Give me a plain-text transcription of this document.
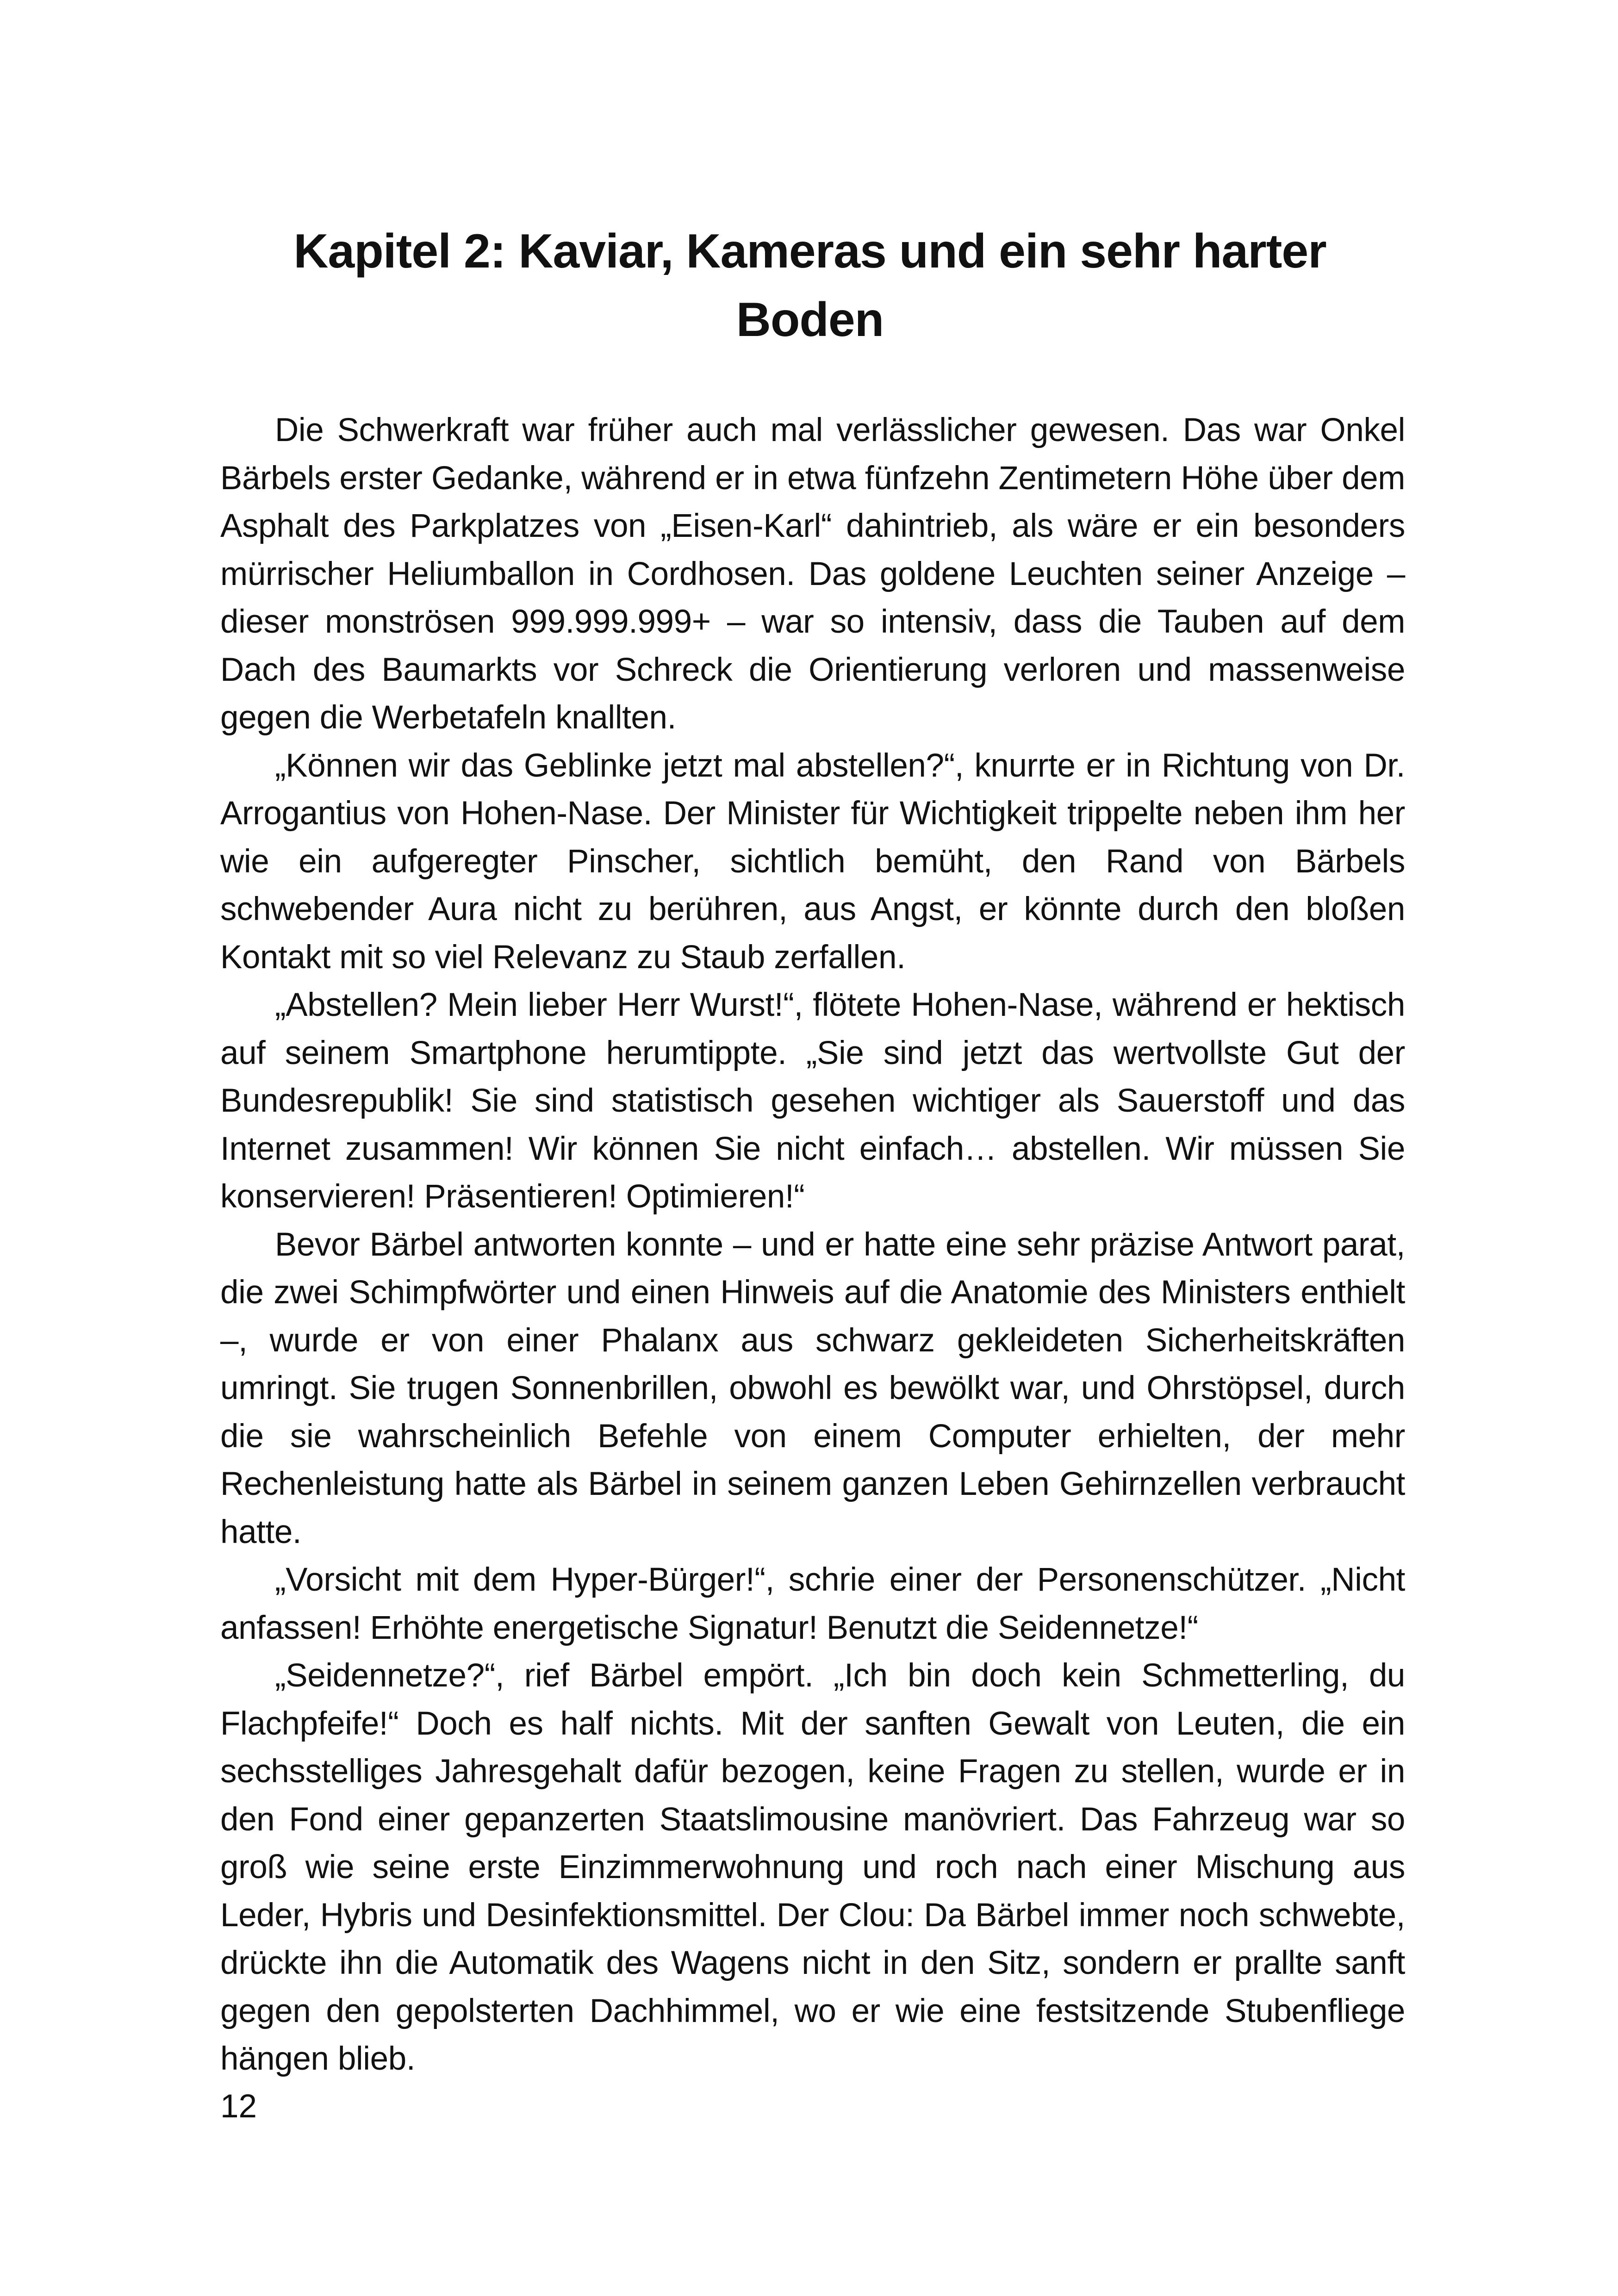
Kapitel 2: Kaviar, Kameras und ein sehr harter Boden

Die Schwerkraft war früher auch mal verlässlicher gewesen. Das war Onkel Bärbels erster Gedanke, während er in etwa fünfzehn Zentimetern Höhe über dem Asphalt des Parkplatzes von „Eisen-Karl“ dahintrieb, als wäre er ein besonders mürrischer Heliumballon in Cordhosen. Das goldene Leuchten seiner Anzeige – dieser monströsen 999.999.999+ – war so intensiv, dass die Tauben auf dem Dach des Baumarkts vor Schreck die Orientierung verloren und massenweise gegen die Werbetafeln knallten.

„Können wir das Geblinke jetzt mal abstellen?“, knurrte er in Richtung von Dr. Arrogantius von Hohen-Nase. Der Minister für Wichtigkeit trippelte neben ihm her wie ein aufgeregter Pinscher, sichtlich bemüht, den Rand von Bärbels schwebender Aura nicht zu berühren, aus Angst, er könnte durch den bloßen Kontakt mit so viel Relevanz zu Staub zerfallen.

„Abstellen? Mein lieber Herr Wurst!“, flötete Hohen-Nase, während er hektisch auf seinem Smartphone herumtippte. „Sie sind jetzt das wertvollste Gut der Bundesrepublik! Sie sind statistisch gesehen wichtiger als Sauerstoff und das Internet zusammen! Wir können Sie nicht einfach… abstellen. Wir müssen Sie konservieren! Präsentieren! Optimieren!“

Bevor Bärbel antworten konnte – und er hatte eine sehr präzise Antwort parat, die zwei Schimpfwörter und einen Hinweis auf die Anatomie des Ministers enthielt –, wurde er von einer Phalanx aus schwarz gekleideten Sicherheitskräften umringt. Sie trugen Sonnenbrillen, obwohl es bewölkt war, und Ohrstöpsel, durch die sie wahrscheinlich Befehle von einem Computer erhielten, der mehr Rechenleistung hatte als Bärbel in seinem ganzen Leben Gehirnzellen verbraucht hatte.

„Vorsicht mit dem Hyper-Bürger!“, schrie einer der Personenschützer. „Nicht anfassen! Erhöhte energetische Signatur! Benutzt die Seidennetze!“

„Seidennetze?“, rief Bärbel empört. „Ich bin doch kein Schmetterling, du Flachpfeife!“ Doch es half nichts. Mit der sanften Gewalt von Leuten, die ein sechsstelliges Jahresgehalt dafür bezogen, keine Fragen zu stellen, wurde er in den Fond einer gepanzerten Staatslimousine manövriert. Das Fahrzeug war so groß wie seine erste Einzimmerwohnung und roch nach einer Mischung aus Leder, Hybris und Desinfektionsmittel. Der Clou: Da Bärbel immer noch schwebte, drückte ihn die Automatik des Wagens nicht in den Sitz, sondern er prallte sanft gegen den gepolsterten Dachhimmel, wo er wie eine festsitzende Stubenfliege hängen blieb.

12
